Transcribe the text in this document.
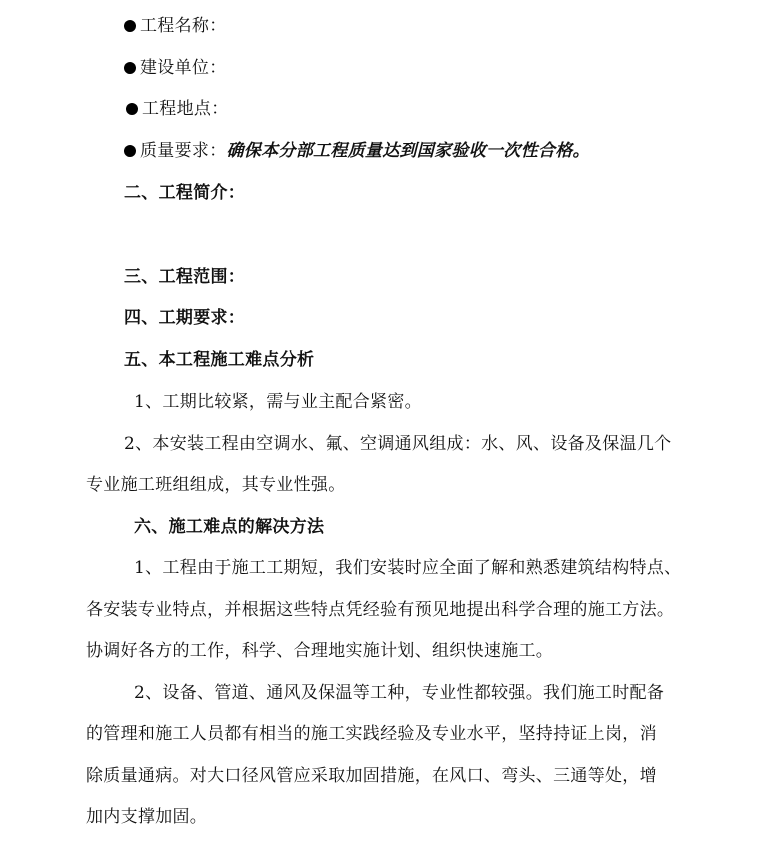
工程名称：
建设单位：
工程地点：
质量要求：确保本分部工程质量达到国家验收一次性合格。
二、工程简介：
三、工程范围：
四、工期要求：
五、本工程施工难点分析
1、工期比较紧，需与业主配合紧密。
2、本安装工程由空调水、氟、空调通风组成：水、风、设备及保温几个
专业施工班组组成，其专业性强。
六、施工难点的解决方法
1、工程由于施工工期短，我们安装时应全面了解和熟悉建筑结构特点、
各安装专业特点，并根据这些特点凭经验有预见地提出科学合理的施工方法。
协调好各方的工作，科学、合理地实施计划、组织快速施工。
2、设备、管道、通风及保温等工种，专业性都较强。我们施工时配备
的管理和施工人员都有相当的施工实践经验及专业水平，坚持持证上岗，消
除质量通病。对大口径风管应采取加固措施，在风口、弯头、三通等处，增
加内支撑加固。
